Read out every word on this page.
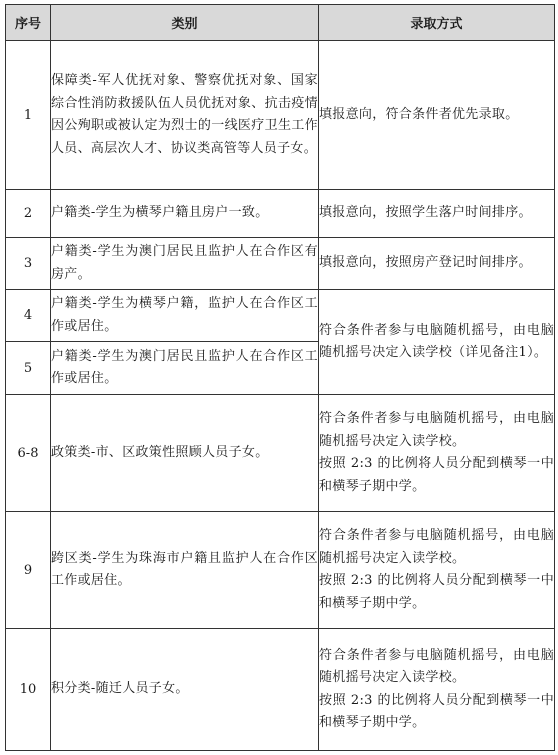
序号	类别	录取方式
1	保障类-军人优抚对象、警察优抚对象、国家综合性消防救援队伍人员优抚对象、抗击疫情因公殉职或被认定为烈士的一线医疗卫生工作人员、高层次人才、协议类高管等人员子女。	填报意向，符合条件者优先录取。

2	户籍类-学生为横琴户籍且房户一致。	填报意向，按照学生落户时间排序。

3	户籍类-学生为澳门居民且监护人在合作区有房产。	填报意向，按照房产登记时间排序。

4	户籍类-学生为横琴户籍，监护人在合作区工作或居住。	符合条件者参与电脑随机摇号，由电脑随机摇号决定入读学校（详见备注1）。

5	户籍类-学生为澳门居民且监护人在合作区工作或居住。	

6-8	政策类-市、区政策性照顾人员子女。	符合条件者参与电脑随机摇号，由电脑随机摇号决定入读学校。
按照 2:3 的比例将人员分配到横琴一中和横琴子期中学。

9	跨区类-学生为珠海市户籍且监护人在合作区工作或居住。	符合条件者参与电脑随机摇号，由电脑随机摇号决定入读学校。
按照 2:3 的比例将人员分配到横琴一中和横琴子期中学。

10	积分类-随迁人员子女。	符合条件者参与电脑随机摇号，由电脑随机摇号决定入读学校。
按照 2:3 的比例将人员分配到横琴一中和横琴子期中学。
